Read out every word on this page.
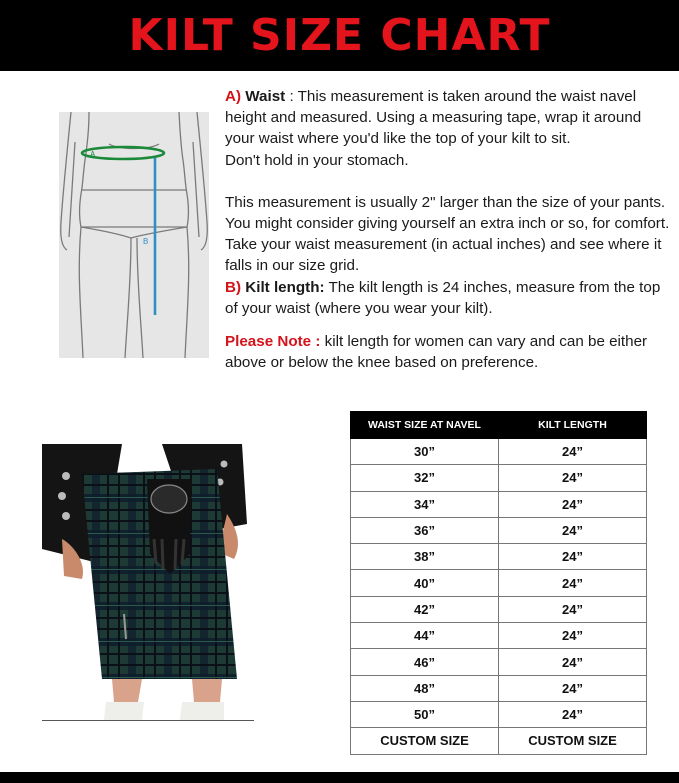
KILT SIZE CHART
A
B

A) Waist : This measurement is taken around the waist navel height and measured. Using a measuring tape, wrap it around your waist where you'd like the top of your kilt to sit.

Don't hold in your stomach.

This measurement is usually 2" larger than the size of your pants. You might consider giving yourself an extra inch or so, for comfort. Take your waist measurement (in actual inches) and see where it falls in our size grid.

B) Kilt length: The kilt length is 24 inches, measure from the top of your waist (where you wear your kilt).

Please Note : kilt length for women can vary and can be either above or below the knee based on preference.

WAIST SIZE AT NAVEL	KILT LENGTH
30”	24”
32”	24”
34”	24”
36”	24”
38”	24”
40”	24”
42”	24”
44”	24”
46”	24”
48”	24”
50”	24”
CUSTOM SIZE	CUSTOM SIZE
